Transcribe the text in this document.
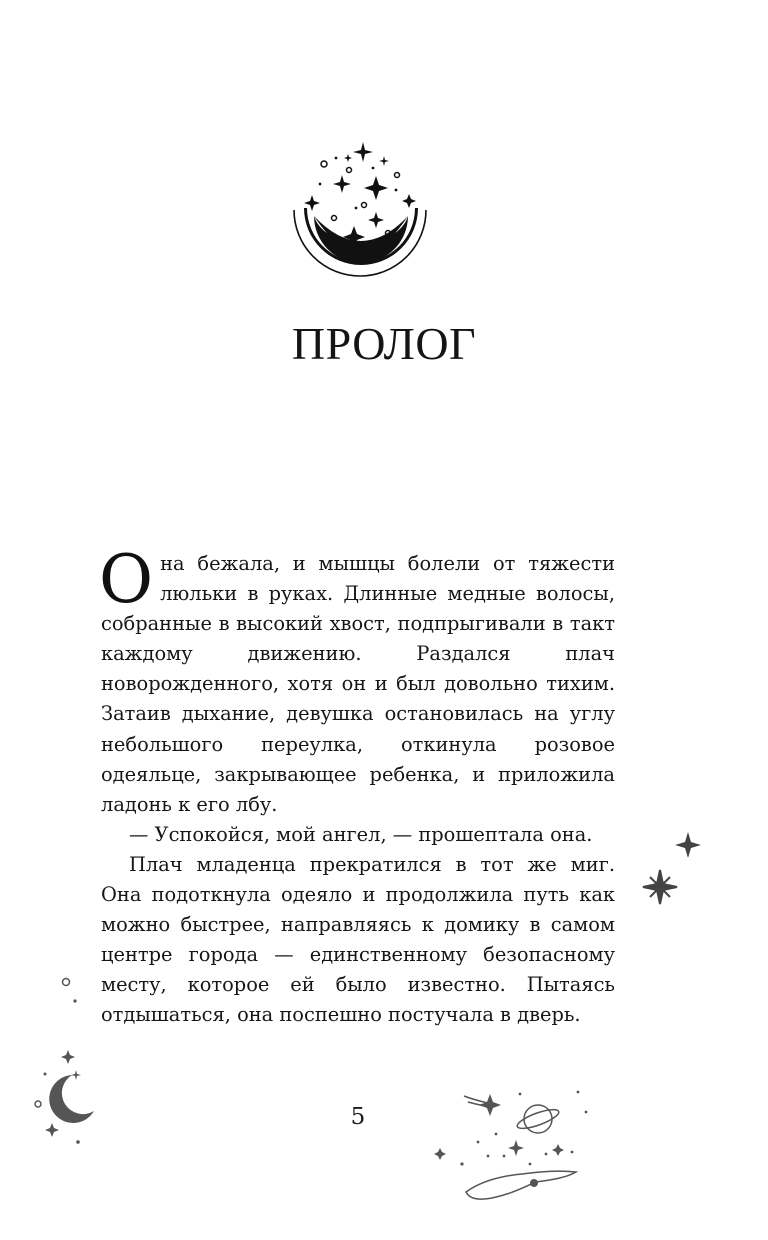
ПРОЛОГ

Она бежала, и мышцы болели от тяжести люльки в руках. Длинные медные волосы, собранные в высокий хвост, подпрыгивали в такт каждому движению. Раздался плач новорожденного, хотя он и был довольно тихим. Затаив дыхание, девушка остановилась на углу небольшого переулка, откинула розовое одеяльце, закрывающее ребенка, и приложила ладонь к его лбу.

— Успокойся, мой ангел, — прошептала она.

Плач младенца прекратился в тот же миг. Она подоткнула одеяло и продолжила путь как можно быстрее, направляясь к домику в самом центре города — единственному безопасному месту, которое ей было известно. Пытаясь отдышаться, она поспешно постучала в дверь.

5
